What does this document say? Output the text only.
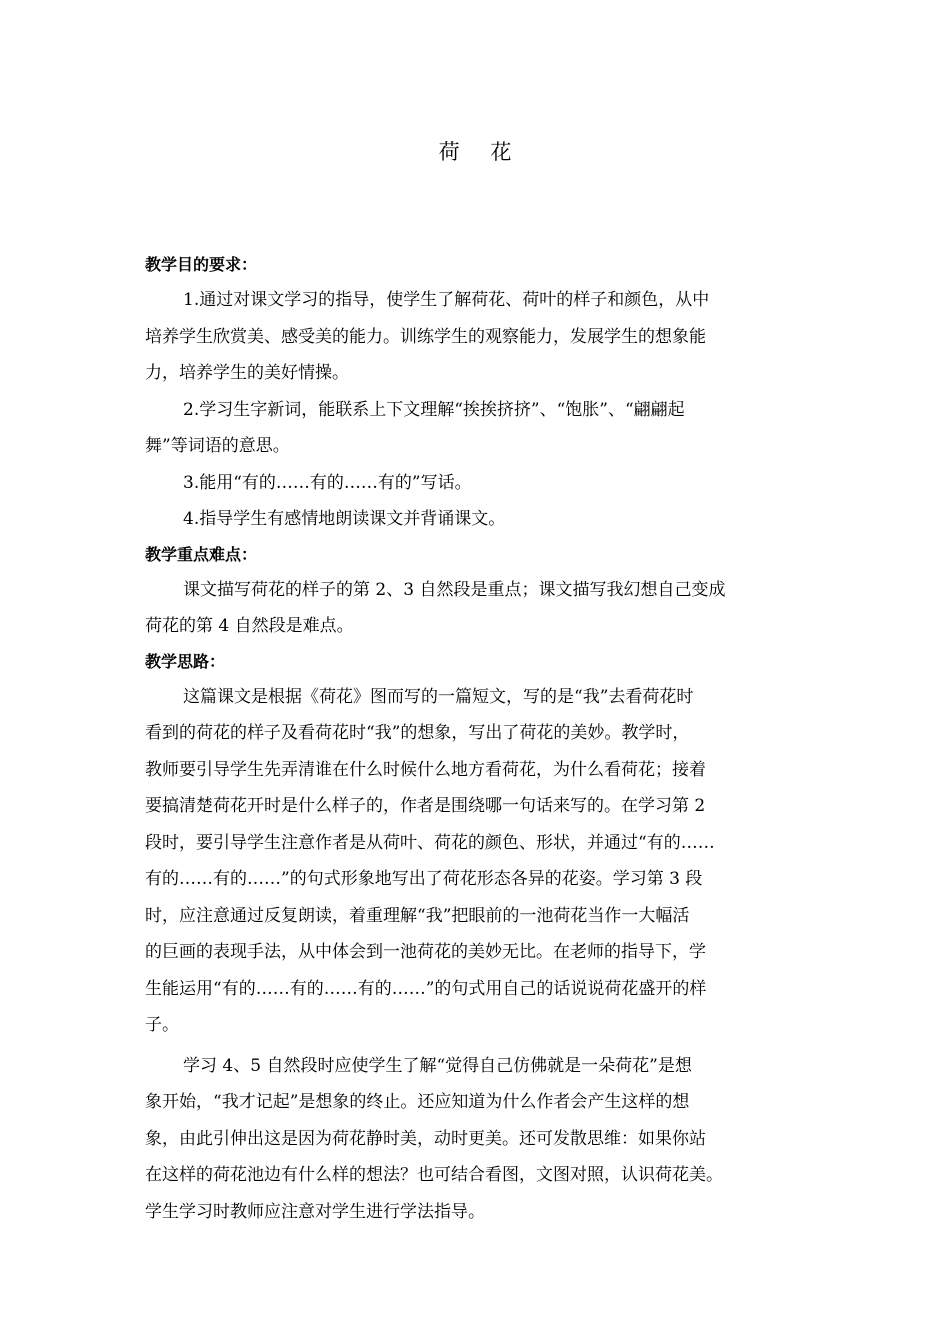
荷 花
教学目的要求：

1.通过对课文学习的指导，使学生了解荷花、荷叶的样子和颜色，从中
培养学生欣赏美、感受美的能力。训练学生的观察能力，发展学生的想象能
力，培养学生的美好情操。

2.学习生字新词，能联系上下文理解“挨挨挤挤”、“饱胀”、“翩翩起
舞”等词语的意思。

3.能用“有的……有的……有的”写话。

4.指导学生有感情地朗读课文并背诵课文。

教学重点难点：

课文描写荷花的样子的第 2、3 自然段是重点；课文描写我幻想自己变成
荷花的第 4 自然段是难点。

教学思路：

这篇课文是根据《荷花》图而写的一篇短文，写的是“我”去看荷花时
看到的荷花的样子及看荷花时“我”的想象，写出了荷花的美妙。教学时，
教师要引导学生先弄清谁在什么时候什么地方看荷花，为什么看荷花；接着
要搞清楚荷花开时是什么样子的，作者是围绕哪一句话来写的。在学习第 2
段时，要引导学生注意作者是从荷叶、荷花的颜色、形状，并通过“有的……
有的……有的……”的句式形象地写出了荷花形态各异的花姿。学习第 3 段
时，应注意通过反复朗读，着重理解“我”把眼前的一池荷花当作一大幅活
的巨画的表现手法，从中体会到一池荷花的美妙无比。在老师的指导下，学
生能运用“有的……有的……有的……”的句式用自己的话说说荷花盛开的样
子。

学习 4、5 自然段时应使学生了解“觉得自己仿佛就是一朵荷花”是想
象开始，“我才记起”是想象的终止。还应知道为什么作者会产生这样的想
象，由此引伸出这是因为荷花静时美，动时更美。还可发散思维：如果你站
在这样的荷花池边有什么样的想法？也可结合看图，文图对照，认识荷花美。
学生学习时教师应注意对学生进行学法指导。
